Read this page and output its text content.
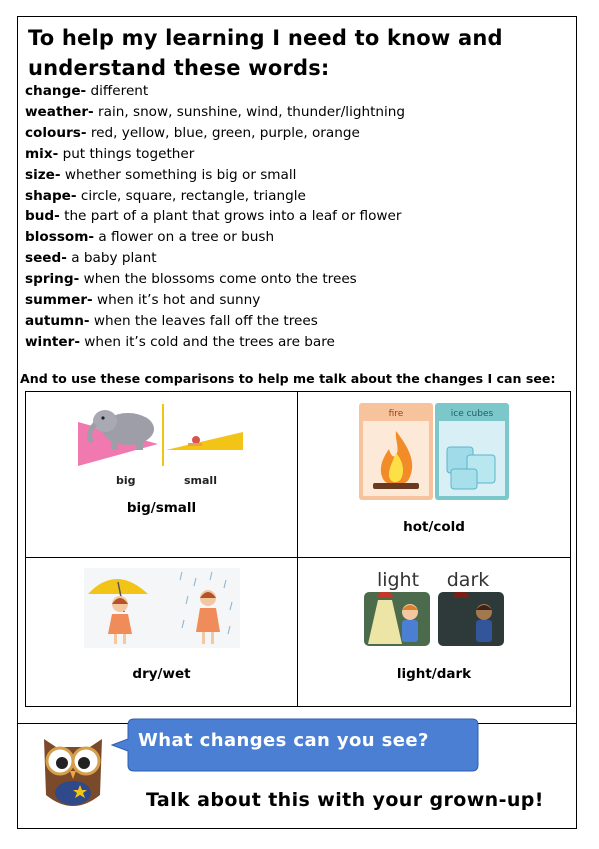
To help my learning I need to know and understand these words:
change- different
weather- rain, snow, sunshine, wind, thunder/lightning
colours- red, yellow, blue, green, purple, orange
mix- put things together
size- whether something is big or small
shape- circle, square, rectangle, triangle
bud- the part of a plant that grows into a leaf or flower
blossom- a flower on a tree or bush
seed- a baby plant
spring- when the blossoms come onto the trees
summer- when it’s hot and sunny
autumn- when the leaves fall off the trees
winter- when it’s cold and the trees are bare
And to use these comparisons to help me talk about the changes I can see:
big	small
big/small
fire	ice cubes
hot/cold
dry/wet
light dark
light/dark
What changes can you see?
Talk about this with your grown-up!
